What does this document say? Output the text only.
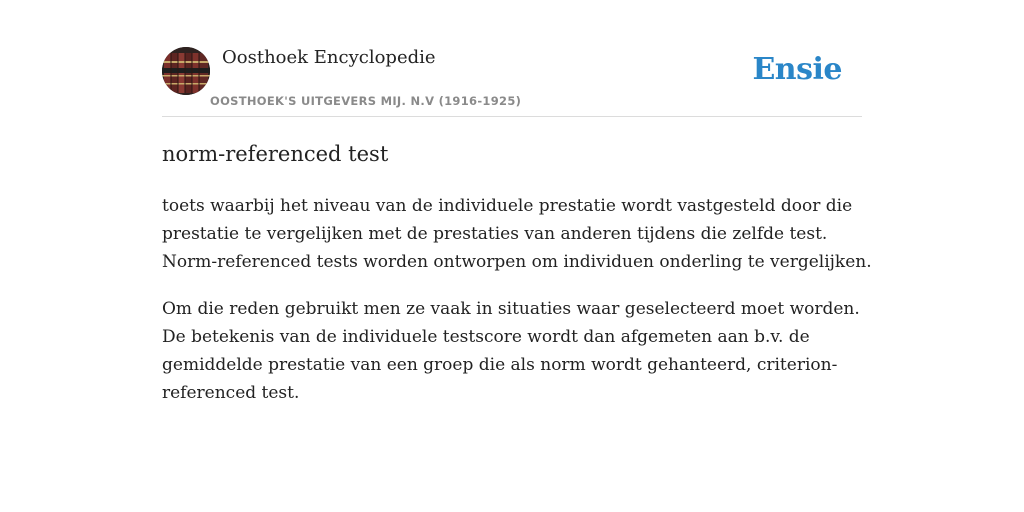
Oosthoek Encyclopedie
OOSTHOEK'S UITGEVERS MIJ. N.V (1916-1925)
Ensie
norm-referenced test

toets waarbij het niveau van de individuele prestatie wordt vastgesteld door die prestatie te vergelijken met de prestaties van anderen tijdens die zelfde test. Norm-referenced tests worden ontworpen om individuen onderling te vergelijken.

Om die reden gebruikt men ze vaak in situaties waar geselecteerd moet worden. De betekenis van de individuele testscore wordt dan afgemeten aan b.v. de gemiddelde prestatie van een groep die als norm wordt gehanteerd, criterion-referenced test.
